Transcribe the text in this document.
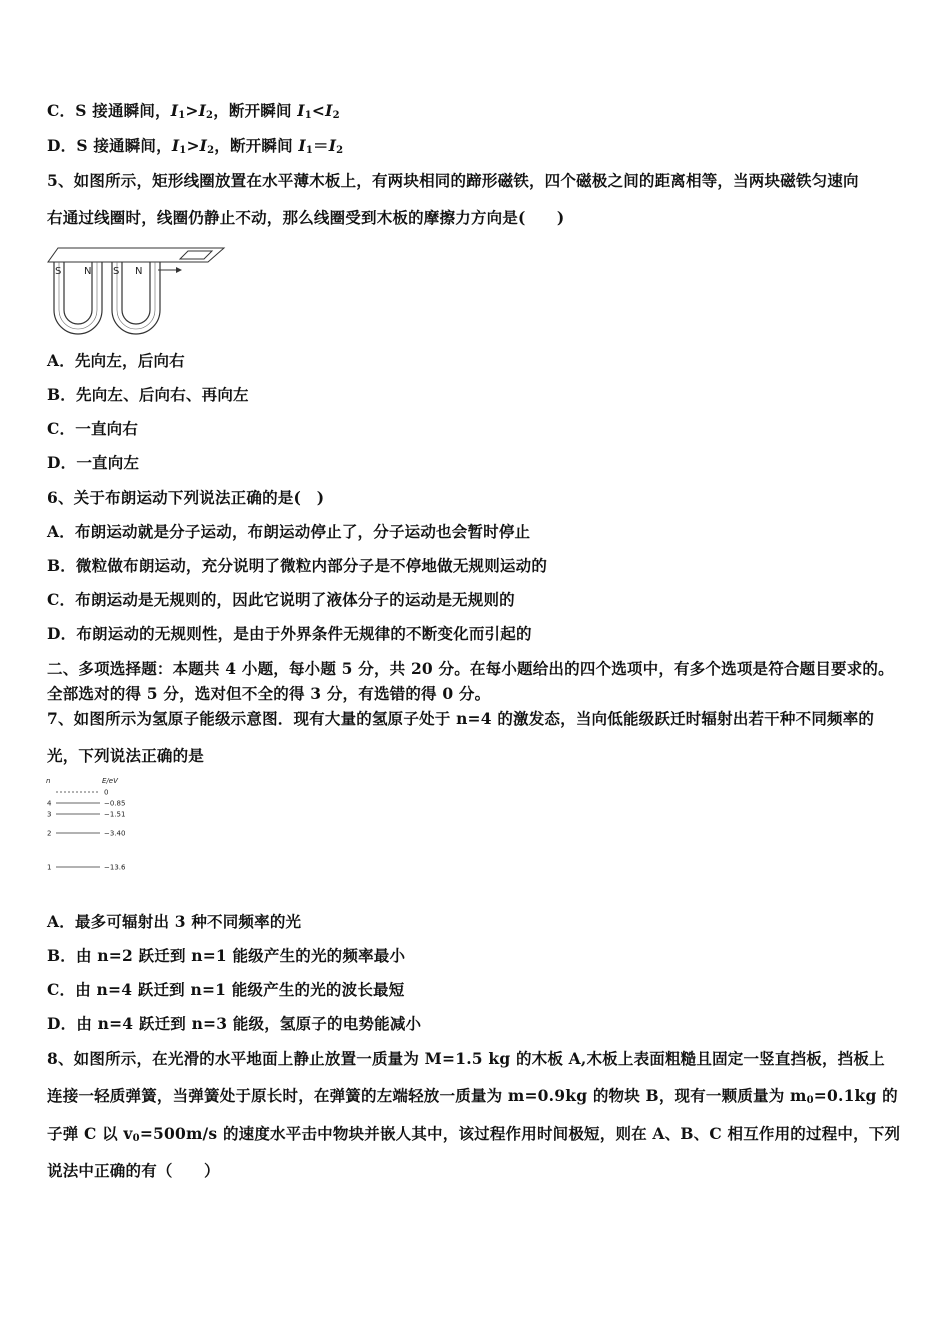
C．S 接通瞬间，$I_1>I_2$，断开瞬间 $I_1<I_2$
D．S 接通瞬间，$I_1>I_2$，断开瞬间 $I_1=I_2$
5、如图所示，矩形线圈放置在水平薄木板上，有两块相同的蹄形磁铁，四个磁极之间的距离相等，当两块磁铁匀速向
右通过线圈时，线圈仍静止不动，那么线圈受到木板的摩擦力方向是(　　)
S N S N
A．先向左，后向右
B．先向左、后向右、再向左
C．一直向右
D．一直向左
6、关于布朗运动下列说法正确的是(　)
A．布朗运动就是分子运动，布朗运动停止了，分子运动也会暂时停止
B．微粒做布朗运动，充分说明了微粒内部分子是不停地做无规则运动的
C．布朗运动是无规则的，因此它说明了液体分子的运动是无规则的
D．布朗运动的无规则性，是由于外界条件无规律的不断变化而引起的
二、多项选择题：本题共 4 小题，每小题 5 分，共 20 分。在每小题给出的四个选项中，有多个选项是符合题目要求的。
全部选对的得 5 分，选对但不全的得 3 分，有选错的得 0 分。
7、如图所示为氢原子能级示意图．现有大量的氢原子处于 n=4 的激发态，当向低能级跃迁时辐射出若干种不同频率的
光，下列说法正确的是
n	E/eV
0
4	−0.85
3	−1.51
2	−3.40
1	−13.6
A．最多可辐射出 3 种不同频率的光
B．由 n=2 跃迁到 n=1 能级产生的光的频率最小
C．由 n=4 跃迁到 n=1 能级产生的光的波长最短
D．由 n=4 跃迁到 n=3 能级，氢原子的电势能减小
8、如图所示，在光滑的水平地面上静止放置一质量为 M=1.5 kg 的木板 A,木板上表面粗糙且固定一竖直挡板，挡板上
连接一轻质弹簧，当弹簧处于原长时，在弹簧的左端轻放一质量为 m=0.9kg 的物块 B，现有一颗质量为 $m_0=0.1kg$ 的
子弹 C 以 $v_0=500m/s$ 的速度水平击中物块并嵌人其中，该过程作用时间极短，则在 A、B、C 相互作用的过程中，下列
说法中正确的有（　　）
